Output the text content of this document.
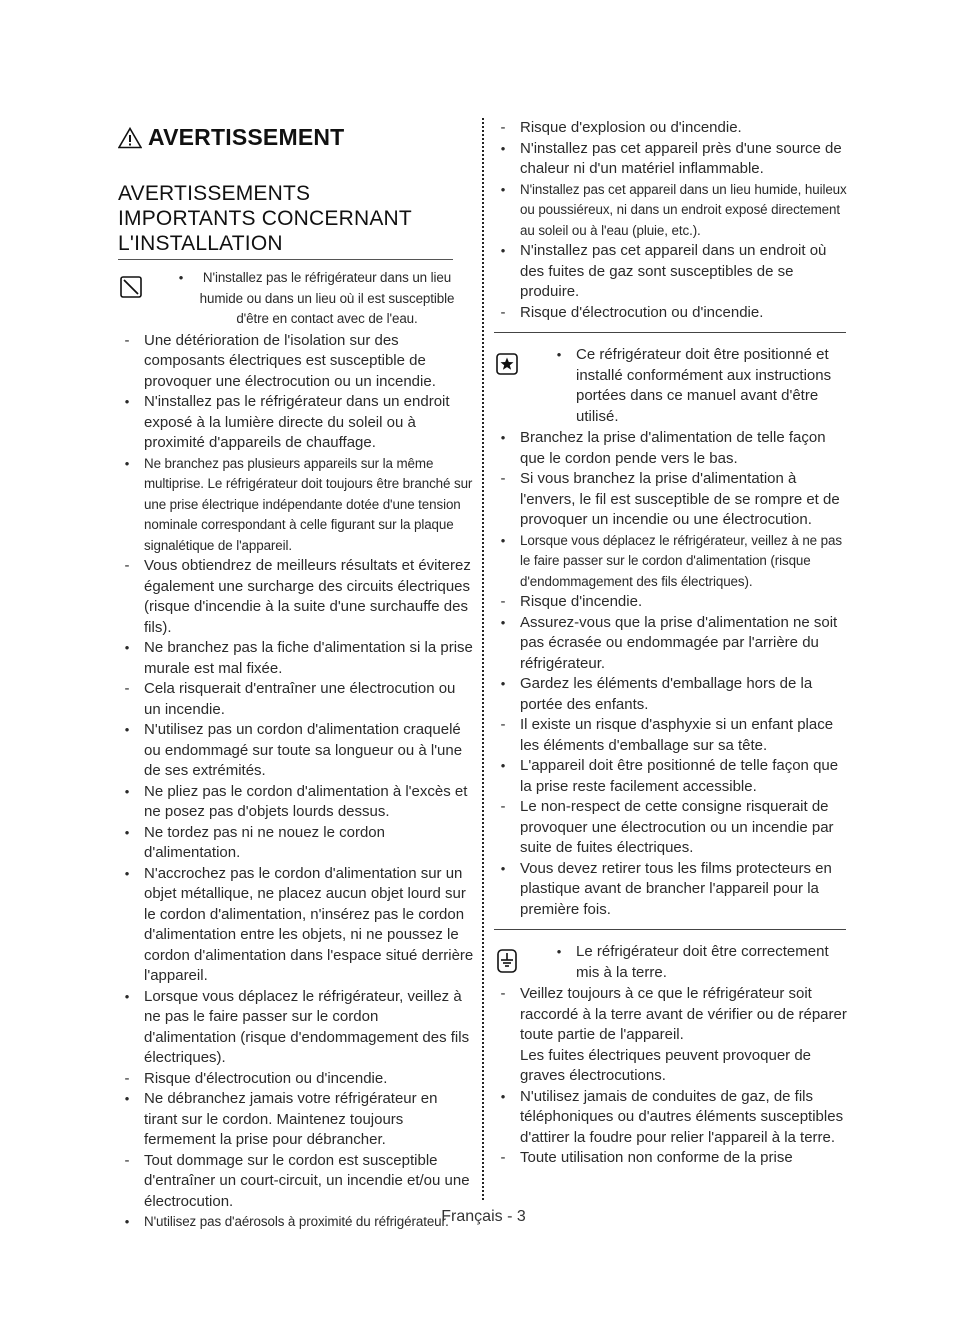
AVERTISSEMENT
AVERTISSEMENTS IMPORTANTS CONCERNANT L'INSTALLATION
•	N'installez pas le réfrigérateur dans un lieu humide ou dans un lieu où il est susceptible d'être en contact avec de l'eau.
- Une détérioration de l'isolation sur des composants électriques est susceptible de provoquer une électrocution ou un incendie.
• N'installez pas le réfrigérateur dans un endroit exposé à la lumière directe du soleil ou à proximité d'appareils de chauffage.
•	Ne branchez pas plusieurs appareils sur la même multiprise. Le réfrigérateur doit toujours être branché sur une prise électrique indépendante dotée d'une tension nominale correspondant à celle figurant sur la plaque signalétique de l'appareil.
- Vous obtiendrez de meilleurs résultats et éviterez également une surcharge des circuits électriques (risque d'incendie à la suite d'une surchauffe des fils).
• Ne branchez pas la fiche d'alimentation si la prise murale est mal fixée.
- Cela risquerait d'entraîner une électrocution ou un incendie.
• N'utilisez pas un cordon d'alimentation craquelé ou endommagé sur toute sa longueur ou à l'une de ses extrémités.
• Ne pliez pas le cordon d'alimentation à l'excès et ne posez pas d'objets lourds dessus.
• Ne tordez pas ni ne nouez le cordon d'alimentation.
• N'accrochez pas le cordon d'alimentation sur un objet métallique, ne placez aucun objet lourd sur le cordon d'alimentation, n'insérez pas le cordon d'alimentation entre les objets, ni ne poussez le cordon d'alimentation dans l'espace situé derrière l'appareil.
• Lorsque vous déplacez le réfrigérateur, veillez à ne pas le faire passer sur le cordon d'alimentation (risque d'endommagement des fils électriques).
- Risque d'électrocution ou d'incendie.
• Ne débranchez jamais votre réfrigérateur en tirant sur le cordon. Maintenez toujours fermement la prise pour débrancher.
- Tout dommage sur le cordon est susceptible d'entraîner un court-circuit, un incendie et/ou une électrocution.
•	N'utilisez pas d'aérosols à proximité du réfrigérateur.
- Risque d'explosion ou d'incendie.
• N'installez pas cet appareil près d'une source de chaleur ni d'un matériel inflammable.
•	N'installez pas cet appareil dans un lieu humide, huileux ou poussiéreux, ni dans un endroit exposé directement au soleil ou à l'eau (pluie, etc.).
• N'installez pas cet appareil dans un endroit où des fuites de gaz sont susceptibles de se produire.
- Risque d'électrocution ou d'incendie.
• Ce réfrigérateur doit être positionné et installé conformément aux instructions portées dans ce manuel avant d'être utilisé.
• Branchez la prise d'alimentation de telle façon que le cordon pende vers le bas.
- Si vous branchez la prise d'alimentation à l'envers, le fil est susceptible de se rompre et de provoquer un incendie ou une électrocution.
•	Lorsque vous déplacez le réfrigérateur, veillez à ne pas le faire passer sur le cordon d'alimentation (risque d'endommagement des fils électriques).
- Risque d'incendie.
• Assurez-vous que la prise d'alimentation ne soit pas écrasée ou endommagée par l'arrière du réfrigérateur.
• Gardez les éléments d'emballage hors de la portée des enfants.
- Il existe un risque d'asphyxie si un enfant place les éléments d'emballage sur sa tête.
• L'appareil doit être positionné de telle façon que la prise reste facilement accessible.
- Le non-respect de cette consigne risquerait de provoquer une électrocution ou un incendie par suite de fuites électriques.
• Vous devez retirer tous les films protecteurs en plastique avant de brancher l'appareil pour la première fois.
• Le réfrigérateur doit être correctement mis à la terre.
- Veillez toujours à ce que le réfrigérateur soit raccordé à la terre avant de vérifier ou de réparer toute partie de l'appareil.
Les fuites électriques peuvent provoquer de graves électrocutions.
• N'utilisez jamais de conduites de gaz, de fils téléphoniques ou d'autres éléments susceptibles d'attirer la foudre pour relier l'appareil à la terre.
- Toute utilisation non conforme de la prise
Français - 3
